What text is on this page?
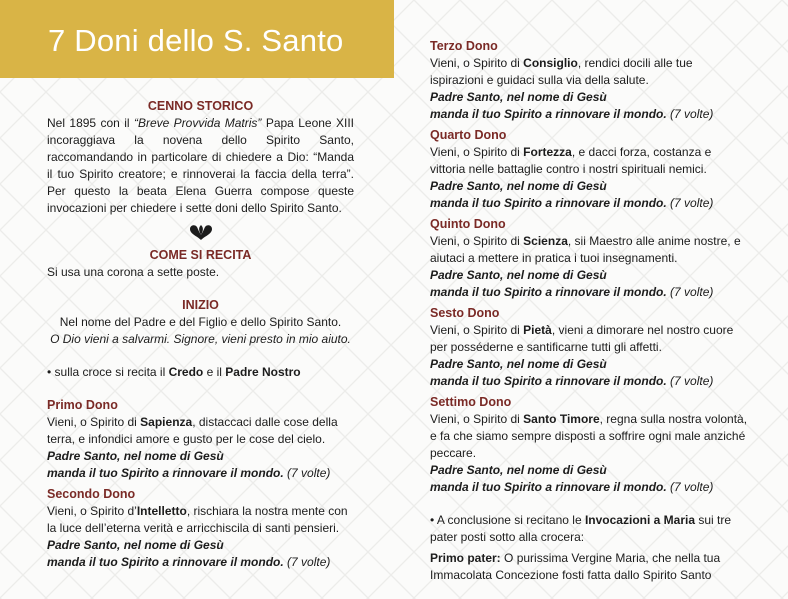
7 Doni dello S. Santo

CENNO STORICO

Nel 1895 con il “Breve Provvida Matris” Papa Leone XIII incoraggiava la novena dello Spirito Santo, raccomandando in particolare di chiedere a Dio: “Manda il tuo Spirito creatore; e rinnoverai la faccia della terra”. Per questo la beata Elena Guerra compose queste invocazioni per chiedere i sette doni dello Spirito Santo.

COME SI RECITA

Si usa una corona a sette poste.

INIZIO

Nel nome del Padre e del Figlio e dello Spirito Santo.

O Dio vieni a salvarmi. Signore, vieni presto in mio aiuto.

• sulla croce si recita il Credo e il Padre Nostro

Primo Dono

Vieni, o Spirito di Sapienza, distaccaci dalle cose della terra, e infondici amore e gusto per le cose del cielo.

Padre Santo, nel nome di Gesù

manda il tuo Spirito a rinnovare il mondo. (7 volte)

Secondo Dono

Vieni, o Spirito d’Intelletto, rischiara la nostra mente con la luce dell’eterna verità e arricchiscila di santi pensieri.

Padre Santo, nel nome di Gesù

manda il tuo Spirito a rinnovare il mondo. (7 volte)

Terzo Dono

Vieni, o Spirito di Consiglio, rendici docili alle tue ispirazioni e guidaci sulla via della salute.

Padre Santo, nel nome di Gesù

manda il tuo Spirito a rinnovare il mondo. (7 volte)

Quarto Dono

Vieni, o Spirito di Fortezza, e dacci forza, costanza e vittoria nelle battaglie contro i nostri spirituali nemici.

Padre Santo, nel nome di Gesù

manda il tuo Spirito a rinnovare il mondo. (7 volte)

Quinto Dono

Vieni, o Spirito di Scienza, sii Maestro alle anime nostre, e aiutaci a mettere in pratica i tuoi insegnamenti.

Padre Santo, nel nome di Gesù

manda il tuo Spirito a rinnovare il mondo. (7 volte)

Sesto Dono

Vieni, o Spirito di Pietà, vieni a dimorare nel nostro cuore per posséderne e santificarne tutti gli affetti.

Padre Santo, nel nome di Gesù

manda il tuo Spirito a rinnovare il mondo. (7 volte)

Settimo Dono

Vieni, o Spirito di Santo Timore, regna sulla nostra volontà, e fa che siamo sempre disposti a soffrire ogni male anziché peccare.

Padre Santo, nel nome di Gesù

manda il tuo Spirito a rinnovare il mondo. (7 volte)

• A conclusione si recitano le Invocazioni a Maria sui tre pater posti sotto alla crocera:

Primo pater: O purissima Vergine Maria, che nella tua Immacolata Concezione fosti fatta dallo Spirito Santo
